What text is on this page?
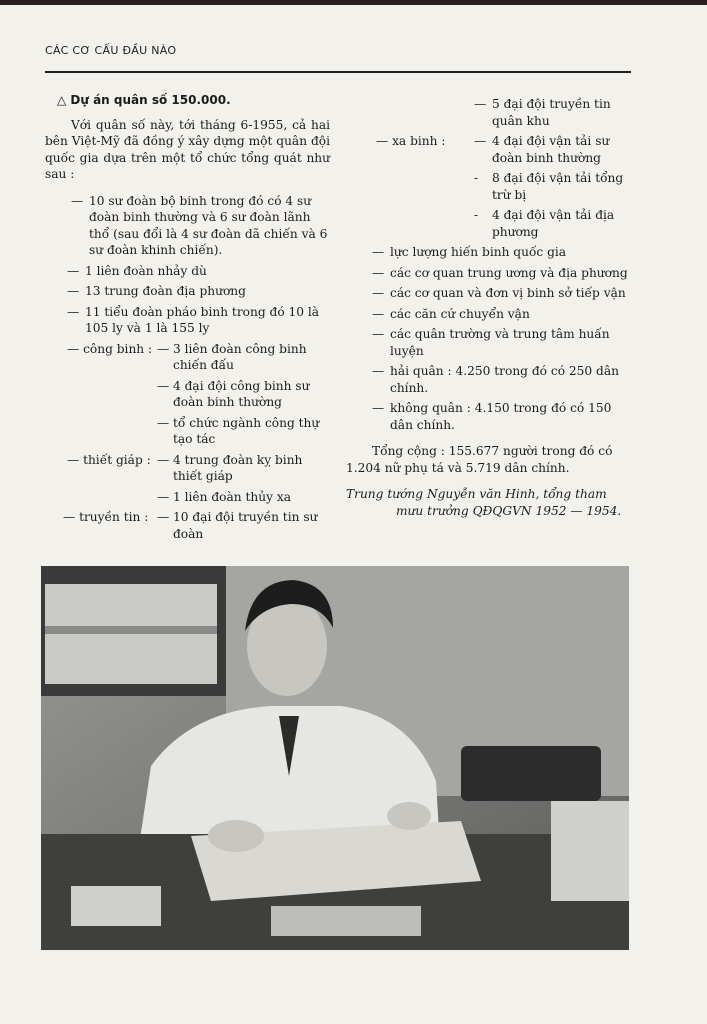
CÁC CƠ CẤU ĐẦU NÀO
△ Dự án quân số 150.000.
Với quân số này, tới tháng 6-1955, cả hai bên Việt-Mỹ đã đồng ý xây dựng một quân đội quốc gia dựa trên một tổ chức tổng quát như sau :
— 10 sư đoàn bộ binh trong đó có 4 sư đoàn binh thường và 6 sư đoàn lãnh thổ (sau đổi là 4 sư đoàn dã chiến và 6 sư đoàn khinh chiến).
— 1 liên đoàn nhảy dù
— 13 trung đoàn địa phương
— 11 tiểu đoàn pháo binh trong đó 10 là 105 ly và 1 là 155 ly
— công binh : — 3 liên đoàn công binh chiến đấu
— 4 đại đội công binh sư đoàn binh thường
— tổ chức ngành công thự tạo tác
— thiết giáp : — 4 trung đoàn kỵ binh thiết giáp
— 1 liên đoàn thủy xa
— truyền tin : — 10 đại đội truyền tin sư đoàn
— 5 đại đội truyền tin quân khu
— xa binh : — 4 đại đội vận tải sư đoàn binh thường
- 8 đại đội vận tải tổng trừ bị
- 4 đại đội vận tải địa phương
— lực lượng hiến binh quốc gia
— các cơ quan trung ương và địa phương
— các cơ quan và đơn vị binh sở tiếp vận
— các căn cứ chuyển vận
— các quân trường và trung tâm huấn luyện
— hải quân : 4.250 trong đó có 250 dân chính.
— không quân : 4.150 trong đó có 150 dân chính.
Tổng cộng : 155.677 người trong đó có 1.204 nữ phụ tá và 5.719 dân chính.
Trung tướng Nguyễn văn Hinh, tổng tham
mưu trưởng QĐQGVN 1952 — 1954.
